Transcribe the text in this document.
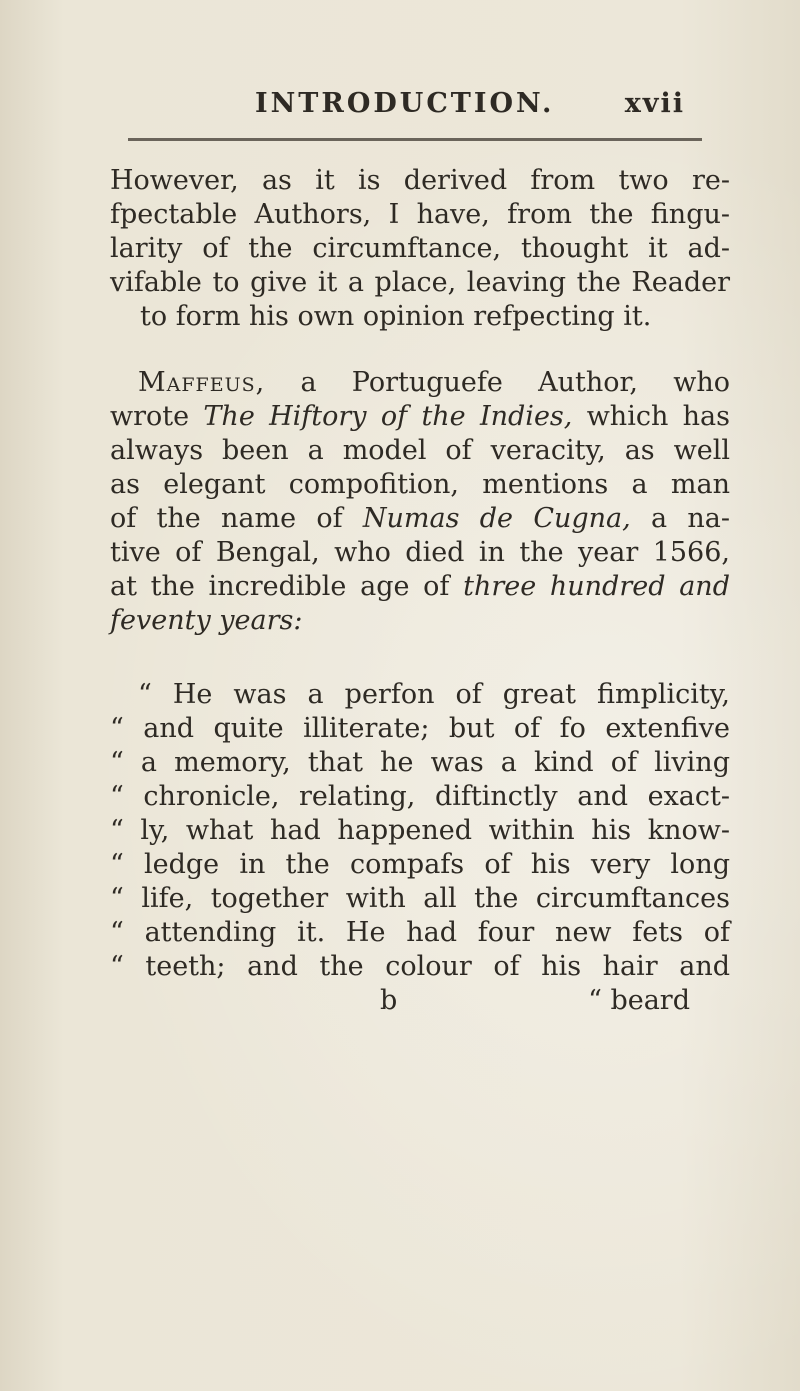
INTRODUCTION.	xvii
However, as it is derived from two re-
fpectable Authors, I have, from the fingu-
larity of the circumftance, thought it ad-
vifable to give it a place, leaving the Reader
to form his own opinion refpecting it.
Maffeus, a Portuguefe Author, who
wrote The Hiftory of the Indies, which has
always been a model of veracity, as well
as elegant compofition, mentions a man
of the name of Numas de Cugna, a na-
tive of Bengal, who died in the year 1566,
at the incredible age of three hundred and
feventy years:
“ He was a perfon of great fimplicity,
“ and quite illiterate; but of fo extenfive
“ a memory, that he was a kind of living
“ chronicle, relating, diftinctly and exact-
“ ly, what had happened within his know-
“ ledge in the compafs of his very long
“ life, together with all the circumftances
“ attending it. He had four new fets of
“ teeth; and the colour of his hair and
b	“ beard
